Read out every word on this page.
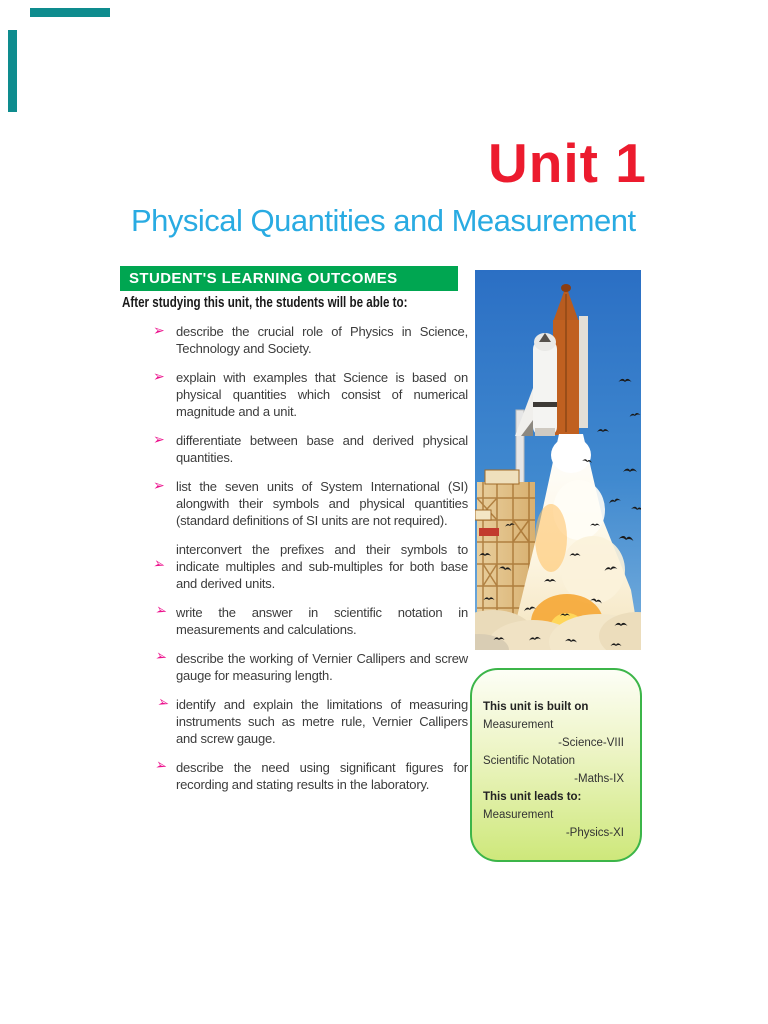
Unit 1
Physical Quantities and Measurement
STUDENT'S LEARNING OUTCOMES
After studying this unit, the students will be able to:
➢ describe the crucial role of Physics in Science, Technology and Society.
➢ explain with examples that Science is based on physical quantities which consist of numerical magnitude and a unit.
➢ differentiate between base and derived physical quantities.
➢ list the seven units of System International (SI) alongwith their symbols and physical quantities (standard definitions of SI units are not required).
➢
interconvert the prefixes and their symbols to indicate multiples and sub-multiples for both base and derived units.
➢ write the answer in scientific notation in measurements and calculations.
➢ describe the working of Vernier Callipers and screw gauge for measuring length.
➢ identify and explain the limitations of measuring instruments such as metre rule, Vernier Callipers and screw gauge.
➢ describe the need using significant figures for recording and stating results in the laboratory.
This unit is built on
Measurement
-Science-VIII
Scientific Notation
-Maths-IX
This unit leads to:
Measurement
-Physics-XI
